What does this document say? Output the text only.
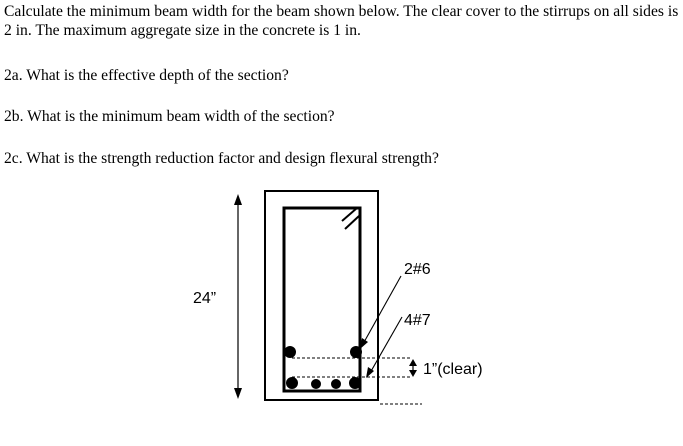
Calculate the minimum beam width for the beam shown below. The clear cover to the stirrups on all sides is 2 in. The maximum aggregate size in the concrete is 1 in.

2a. What is the effective depth of the section?

2b. What is the minimum beam width of the section?

2c. What is the strength reduction factor and design flexural strength?

24”
2#6
4#7
1”(clear)
